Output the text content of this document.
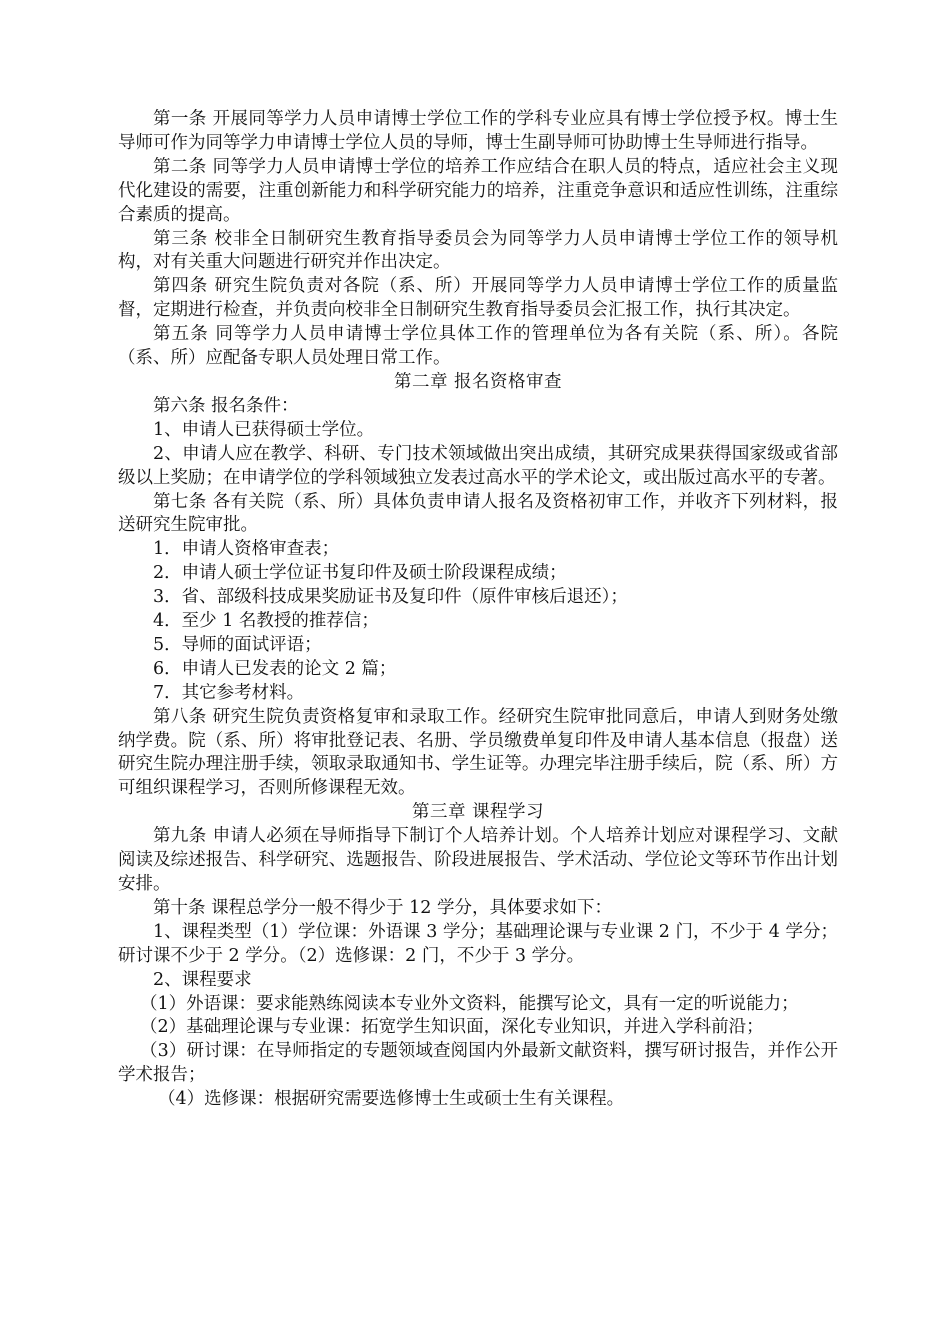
第一条 开展同等学力人员申请博士学位工作的学科专业应具有博士学位授予权。博士生导师可作为同等学力申请博士学位人员的导师，博士生副导师可协助博士生导师进行指导。

第二条 同等学力人员申请博士学位的培养工作应结合在职人员的特点，适应社会主义现代化建设的需要，注重创新能力和科学研究能力的培养，注重竞争意识和适应性训练，注重综合素质的提高。

第三条 校非全日制研究生教育指导委员会为同等学力人员申请博士学位工作的领导机构，对有关重大问题进行研究并作出决定。

第四条 研究生院负责对各院（系、所）开展同等学力人员申请博士学位工作的质量监督，定期进行检查，并负责向校非全日制研究生教育指导委员会汇报工作，执行其决定。

第五条 同等学力人员申请博士学位具体工作的管理单位为各有关院（系、所）。各院（系、所）应配备专职人员处理日常工作。

第二章 报名资格审查

第六条 报名条件：

1、申请人已获得硕士学位。

2、申请人应在教学、科研、专门技术领域做出突出成绩，其研究成果获得国家级或省部级以上奖励；在申请学位的学科领域独立发表过高水平的学术论文，或出版过高水平的专著。

第七条 各有关院（系、所）具体负责申请人报名及资格初审工作，并收齐下列材料，报送研究生院审批。

1．申请人资格审查表；

2．申请人硕士学位证书复印件及硕士阶段课程成绩；

3．省、部级科技成果奖励证书及复印件（原件审核后退还）；

4．至少 1 名教授的推荐信；

5．导师的面试评语；

6．申请人已发表的论文 2 篇；

7．其它参考材料。

第八条 研究生院负责资格复审和录取工作。经研究生院审批同意后，申请人到财务处缴纳学费。院（系、所）将审批登记表、名册、学员缴费单复印件及申请人基本信息（报盘）送研究生院办理注册手续，领取录取通知书、学生证等。办理完毕注册手续后，院（系、所）方可组织课程学习，否则所修课程无效。

第三章 课程学习

第九条 申请人必须在导师指导下制订个人培养计划。个人培养计划应对课程学习、文献阅读及综述报告、科学研究、选题报告、阶段进展报告、学术活动、学位论文等环节作出计划安排。

第十条 课程总学分一般不得少于 12 学分，具体要求如下：

1、课程类型（1）学位课：外语课 3 学分；基础理论课与专业课 2 门，不少于 4 学分；研讨课不少于 2 学分。（2）选修课：2 门，不少于 3 学分。

2、课程要求

（1）外语课：要求能熟练阅读本专业外文资料，能撰写论文，具有一定的听说能力；

（2）基础理论课与专业课：拓宽学生知识面，深化专业知识，并进入学科前沿；

（3）研讨课：在导师指定的专题领域查阅国内外最新文献资料，撰写研讨报告，并作公开学术报告；

（4）选修课：根据研究需要选修博士生或硕士生有关课程。
